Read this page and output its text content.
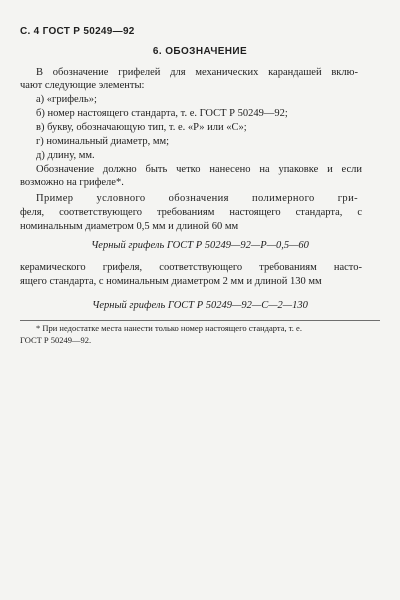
С. 4 ГОСТ Р 50249—92
6. ОБОЗНАЧЕНИЕ
В обозначение грифелей для механических карандашей вклю-
чают следующие элементы:
а) «грифель»;
б) номер настоящего стандарта, т. е. ГОСТ Р 50249—92;
в) букву, обозначающую тип, т. е. «Р» или «С»;
г) номинальный диаметр, мм;
д) длину, мм.
Обозначение должно быть четко нанесено на упаковке и если
возможно на грифеле*.
Пример условного обозначения полимерного гри-
феля, соответствующего требованиям настоящего стандарта, с
номинальным диаметром 0,5 мм и длиной 60 мм
Черный грифель ГОСТ Р 50249—92—Р—0,5—60
керамического грифеля, соответствующего требованиям насто-
ящего стандарта, с номинальным диаметром 2 мм и длиной 130 мм
Черный грифель ГОСТ Р 50249—92—С—2—130
* При недостатке места нанести только номер настоящего стандарта, т. е.
ГОСТ Р 50249—92.
